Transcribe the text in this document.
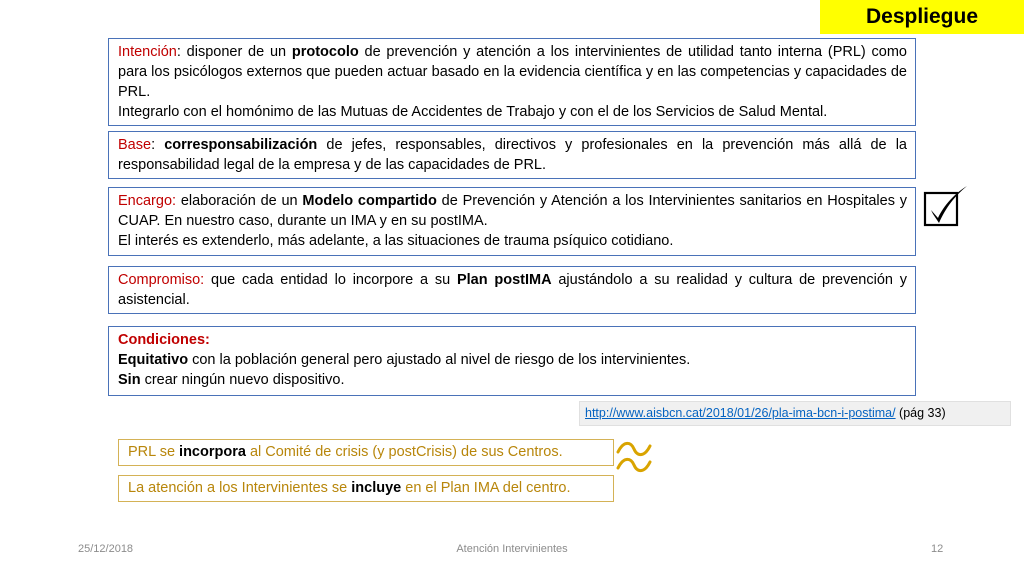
Despliegue

Intención: disponer de un protocolo de prevención y atención a los intervinientes de utilidad tanto interna (PRL) como para los psicólogos externos que pueden actuar basado en la evidencia científica y en las competencias y capacidades de PRL.

Integrarlo con el homónimo de las Mutuas de Accidentes de Trabajo y con el de los Servicios de Salud Mental.

Base: corresponsabilización de jefes, responsables, directivos y profesionales en la prevención más allá de la responsabilidad legal de la empresa y de las capacidades de PRL.

Encargo: elaboración de un Modelo compartido de Prevención y Atención a los Intervinientes sanitarios en Hospitales y CUAP. En nuestro caso, durante un IMA y en su postIMA.

El interés es extenderlo, más adelante, a las situaciones de trauma psíquico cotidiano.

Compromiso: que cada entidad lo incorpore a su Plan postIMA ajustándolo a su realidad y cultura de prevención y asistencial.

Condiciones:

Equitativo con la población general pero ajustado al nivel de riesgo de los intervinientes.

Sin crear ningún nuevo dispositivo.

http://www.aisbcn.cat/2018/01/26/pla-ima-bcn-i-postima/ (pág 33)
PRL se incorpora al Comité de crisis (y postCrisis) de sus Centros.
La atención a los Intervinientes se incluye en el Plan IMA del centro.
25/12/2018	Atención Intervinientes	12
